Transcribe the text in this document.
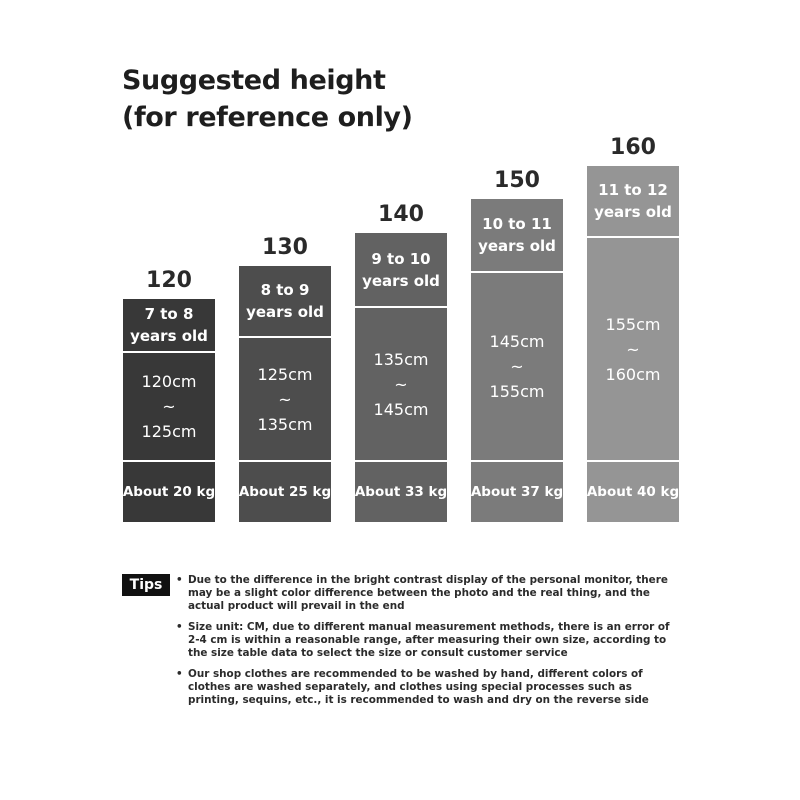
Suggested height
(for reference only)
120
7 to 8
years old
120cm
~
125cm
About 20 kg
130
8 to 9
years old
125cm
~
135cm
About 25 kg
140
9 to 10
years old
135cm
~
145cm
About 33 kg
150
10 to 11
years old
145cm
~
155cm
About 37 kg
160
11 to 12
years old
155cm
~
160cm
About 40 kg
Tips	• Due to the difference in the bright contrast display of the personal monitor, there may be a slight color difference between the photo and the real thing, and the actual product will prevail in the end
• Size unit: CM, due to different manual measurement methods, there is an error of 2-4 cm is within a reasonable range, after measuring their own size, according to the size table data to select the size or consult customer service
• Our shop clothes are recommended to be washed by hand, different colors of clothes are washed separately, and clothes using special processes such as printing, sequins, etc., it is recommended to wash and dry on the reverse side
